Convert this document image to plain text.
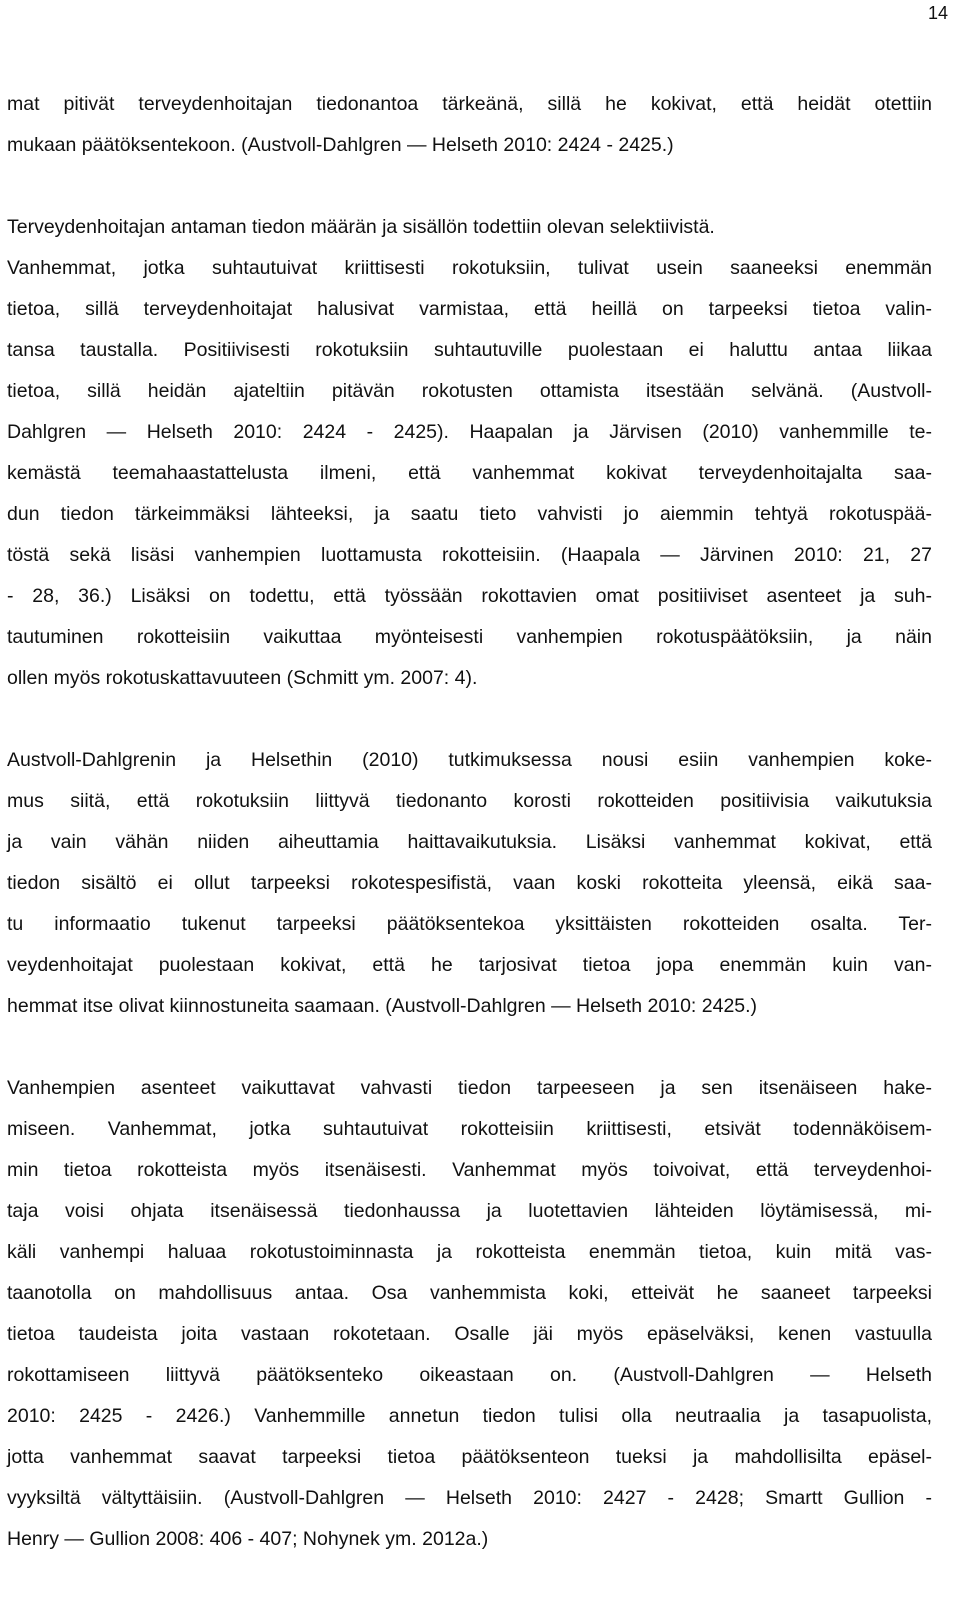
14
mat pitivät terveydenhoitajan tiedonantoa tärkeänä, sillä he kokivat, että heidät otettiin
mukaan päätöksentekoon. (Austvoll-Dahlgren ― Helseth 2010: 2424 - 2425.)
Terveydenhoitajan antaman tiedon määrän ja sisällön todettiin olevan selektiivistä.
Vanhemmat, jotka suhtautuivat kriittisesti rokotuksiin, tulivat usein saaneeksi enemmän
tietoa, sillä terveydenhoitajat halusivat varmistaa, että heillä on tarpeeksi tietoa valin-
tansa taustalla. Positiivisesti rokotuksiin suhtautuville puolestaan ei haluttu antaa liikaa
tietoa, sillä heidän ajateltiin pitävän rokotusten ottamista itsestään selvänä. (Austvoll-
Dahlgren ― Helseth 2010: 2424 - 2425). Haapalan ja Järvisen (2010) vanhemmille te-
kemästä teemahaastattelusta ilmeni, että vanhemmat kokivat terveydenhoitajalta saa-
dun tiedon tärkeimmäksi lähteeksi, ja saatu tieto vahvisti jo aiemmin tehtyä rokotuspää-
töstä sekä lisäsi vanhempien luottamusta rokotteisiin. (Haapala ― Järvinen 2010: 21, 27
- 28, 36.) Lisäksi on todettu, että työssään rokottavien omat positiiviset asenteet ja suh-
tautuminen rokotteisiin vaikuttaa myönteisesti vanhempien rokotuspäätöksiin, ja näin
ollen myös rokotuskattavuuteen (Schmitt ym. 2007: 4).
Austvoll-Dahlgrenin ja Helsethin (2010) tutkimuksessa nousi esiin vanhempien koke-
mus siitä, että rokotuksiin liittyvä tiedonanto korosti rokotteiden positiivisia vaikutuksia
ja vain vähän niiden aiheuttamia haittavaikutuksia. Lisäksi vanhemmat kokivat, että
tiedon sisältö ei ollut tarpeeksi rokotespesifistä, vaan koski rokotteita yleensä, eikä saa-
tu informaatio tukenut tarpeeksi päätöksentekoa yksittäisten rokotteiden osalta. Ter-
veydenhoitajat puolestaan kokivat, että he tarjosivat tietoa jopa enemmän kuin van-
hemmat itse olivat kiinnostuneita saamaan. (Austvoll-Dahlgren ― Helseth 2010: 2425.)
Vanhempien asenteet vaikuttavat vahvasti tiedon tarpeeseen ja sen itsenäiseen hake-
miseen. Vanhemmat, jotka suhtautuivat rokotteisiin kriittisesti, etsivät todennäköisem-
min tietoa rokotteista myös itsenäisesti. Vanhemmat myös toivoivat, että terveydenhoi-
taja voisi ohjata itsenäisessä tiedonhaussa ja luotettavien lähteiden löytämisessä, mi-
käli vanhempi haluaa rokotustoiminnasta ja rokotteista enemmän tietoa, kuin mitä vas-
taanotolla on mahdollisuus antaa. Osa vanhemmista koki, etteivät he saaneet tarpeeksi
tietoa taudeista joita vastaan rokotetaan. Osalle jäi myös epäselväksi, kenen vastuulla
rokottamiseen liittyvä päätöksenteko oikeastaan on. (Austvoll-Dahlgren ― Helseth
2010: 2425 - 2426.) Vanhemmille annetun tiedon tulisi olla neutraalia ja tasapuolista,
jotta vanhemmat saavat tarpeeksi tietoa päätöksenteon tueksi ja mahdollisilta epäsel-
vyyksiltä vältyttäisiin. (Austvoll-Dahlgren ― Helseth 2010: 2427 - 2428; Smartt Gullion -
Henry ― Gullion 2008: 406 - 407; Nohynek ym. 2012a.)
